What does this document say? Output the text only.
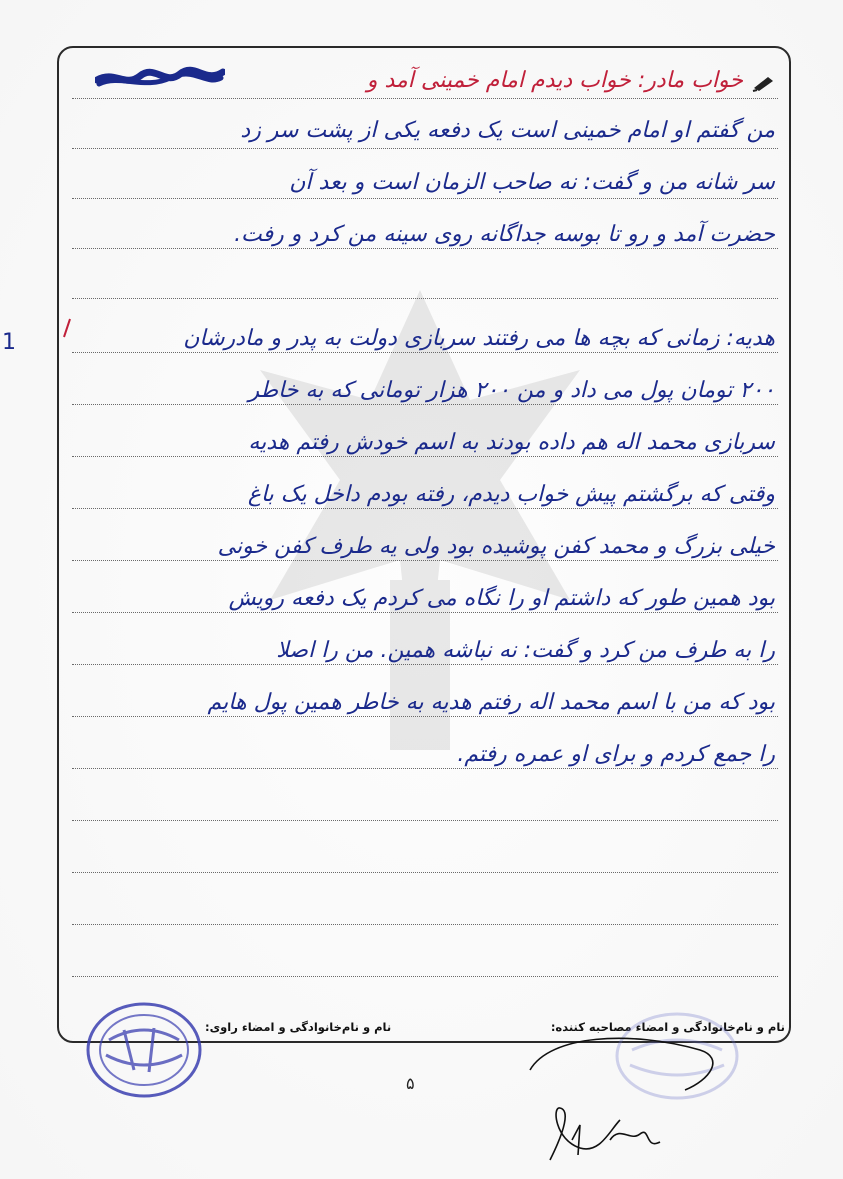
خواب مادر: خواب دیدم امام خمینی آمد و
من گفتم او امام خمینی است یک دفعه یکی از پشت سر زد
سر شانه من و گفت: نه صاحب الزمان است و بعد آن
حضرت آمد و رو تا بوسه جداگانه روی سینه من کرد و رفت.
هدیه: زمانی که بچه ها می رفتند سربازی دولت به پدر و مادرشان
۲۰۰ تومان پول می داد و من ۲۰۰ هزار تومانی که به خاطر
سربازی محمد اله هم داده بودند به اسم خودش رفتم هدیه
وقتی که برگشتم پیش خواب دیدم، رفته بودم داخل یک باغ
خیلی بزرگ و محمد کفن پوشیده بود ولی یه طرف کفن خونی
بود همین طور که داشتم او را نگاه می کردم یک دفعه رویش
را به طرف من کرد و گفت: نه نباشه همین. من را اصلا
بود که من با اسم محمد اله رفتم هدیه به خاطر همین پول هایم
را جمع کردم و برای او عمره رفتم.
1
نام و نام‌خانوادگی و امضاء مصاحبه کننده:
نام و نام‌خانوادگی و امضاء راوی:
۵
